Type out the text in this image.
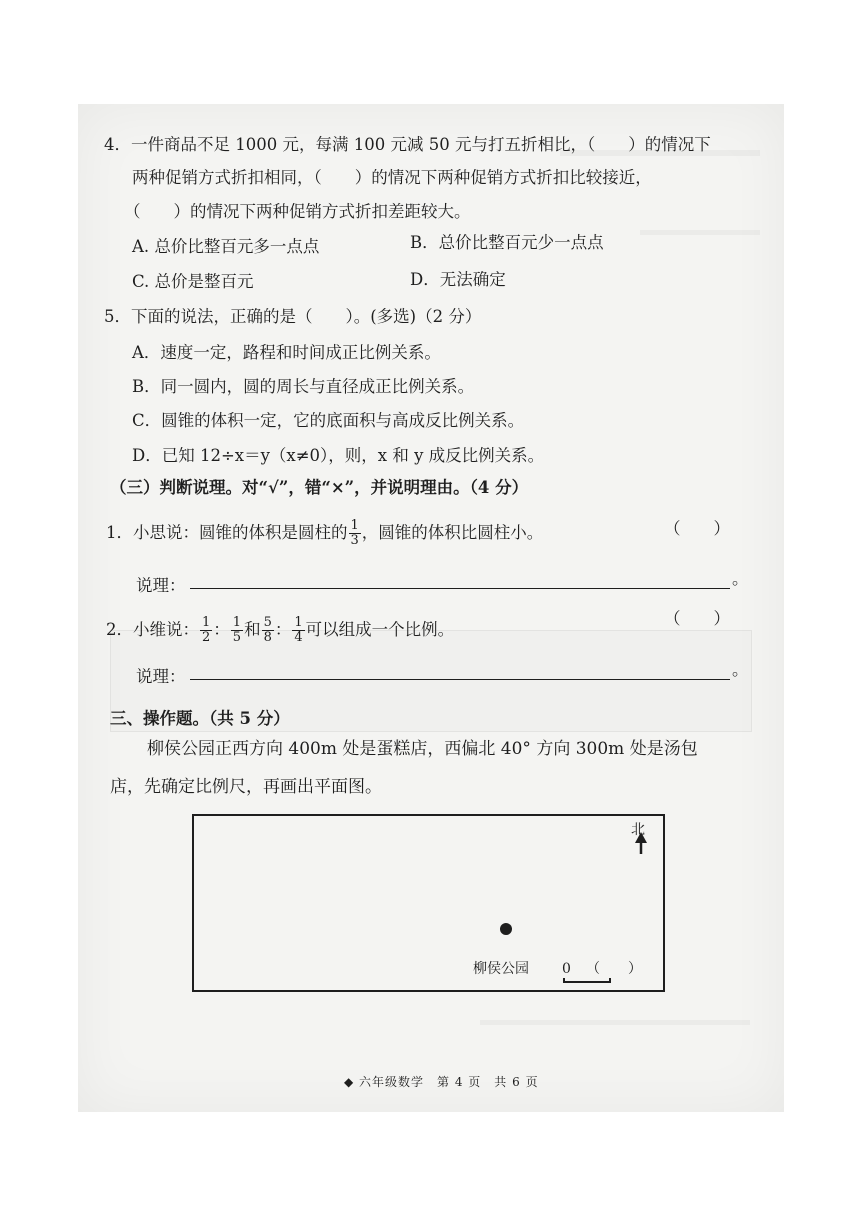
4．一件商品不足 1000 元，每满 100 元减 50 元与打五折相比，（　　）的情况下
两种促销方式折扣相同，（　　）的情况下两种促销方式折扣比较接近，
（　　）的情况下两种促销方式折扣差距较大。
A. 总价比整百元多一点点	B．总价比整百元少一点点
C. 总价是整百元	D．无法确定
5．下面的说法，正确的是（　　）。(多选)（2 分）
A．速度一定，路程和时间成正比例关系。
B．同一圆内，圆的周长与直径成正比例关系。
C．圆锥的体积一定，它的底面积与高成反比例关系。
D．已知 12÷x＝y（x≠0），则，x 和 y 成反比例关系。
（三）判断说理。对“√”，错“×”，并说明理由。（4 分）
1．小思说：圆锥的体积是圆柱的 $\frac{1}{3}$ ，圆锥的体积比圆柱小。	（　　）
说理：	。
2．小维说： $\frac{1}{2}$ ： $\frac{1}{5}$ 和 $\frac{5}{8}$ ： $\frac{1}{4}$ 可以组成一个比例。
（　　）
说理：	。
三、操作题。（共 5 分）
柳侯公园正西方向 400m 处是蛋糕店，西偏北 40° 方向 300m 处是汤包
店，先确定比例尺，再画出平面图。
北
柳侯公园 0 （　　）
◆ 六年级数学　第 4 页　共 6 页
